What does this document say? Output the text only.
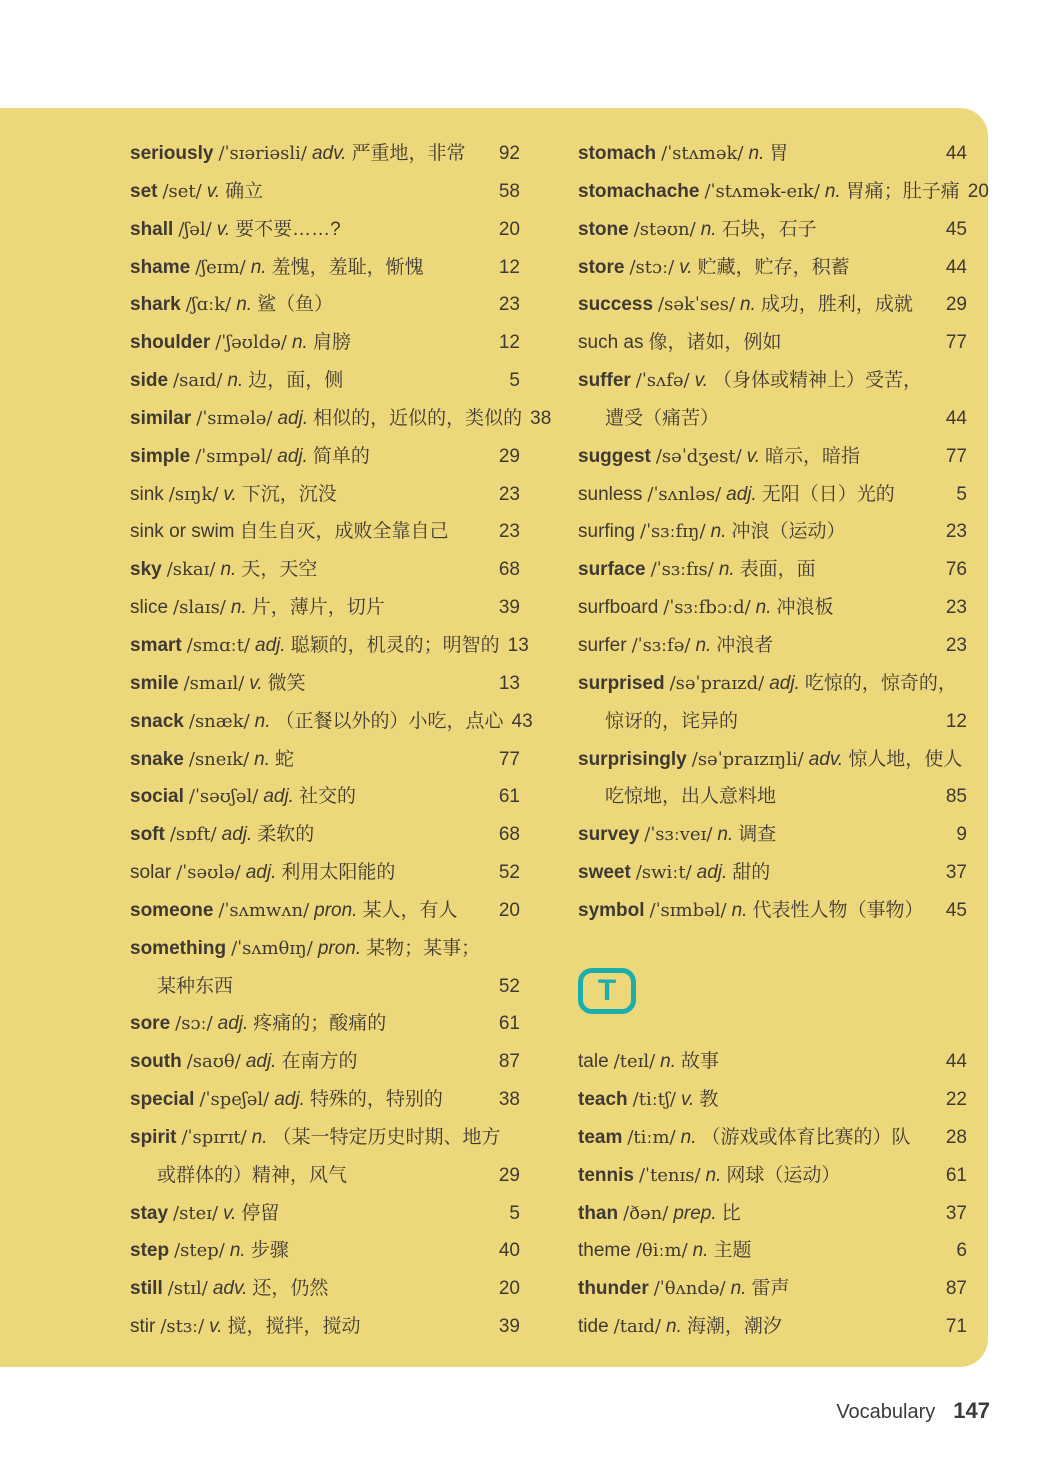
seriously /ˈsɪəriəsli/ adv. 严重地，非常 92
set /set/ v. 确立	58
shall /ʃəl/ v. 要不要……?	20
shame /ʃeɪm/ n. 羞愧，羞耻，惭愧	12
shark /ʃɑːk/ n. 鲨（鱼）	23
shoulder /ˈʃəʊldə/ n. 肩膀	12
side /saɪd/ n. 边，面，侧	5
similar /ˈsɪmələ/ adj. 相似的，近似的，类似的 38
simple /ˈsɪmpəl/ adj. 简单的	29
sink /sɪŋk/ v. 下沉，沉没	23
sink or swim 自生自灭，成败全靠自己	23
sky /skaɪ/ n. 天，天空	68
slice /slaɪs/ n. 片，薄片，切片	39
smart /smɑːt/ adj. 聪颖的，机灵的；明智的 13
smile /smaɪl/ v. 微笑	13
snack /snæk/ n. （正餐以外的）小吃，点心 43
snake /sneɪk/ n. 蛇	77
social /ˈsəʊʃəl/ adj. 社交的	61
soft /sɒft/ adj. 柔软的	68
solar /ˈsəʊlə/ adj. 利用太阳能的	52
someone /ˈsʌmwʌn/ pron. 某人，有人 20
something /ˈsʌmθɪŋ/ pron. 某物；某事；
某种东西	52
sore /sɔː/ adj. 疼痛的；酸痛的	61
south /saʊθ/ adj. 在南方的	87
special /ˈspeʃəl/ adj. 特殊的，特别的	38
spirit /ˈspɪrɪt/ n. （某一特定历史时期、地方
或群体的）精神，风气	29
stay /steɪ/ v. 停留	5
step /step/ n. 步骤	40
still /stɪl/ adv. 还，仍然	20
stir /stɜː/ v. 搅，搅拌，搅动	39
stomach /ˈstʌmək/ n. 胃	44
stomachache /ˈstʌmək-eɪk/ n. 胃痛；肚子痛 20
stone /stəʊn/ n. 石块，石子	45
store /stɔː/ v. 贮藏，贮存，积蓄	44
success /səkˈses/ n. 成功，胜利，成就 29
such as 像，诸如，例如	77
suffer /ˈsʌfə/ v. （身体或精神上）受苦，
遭受（痛苦）	44
suggest /səˈdʒest/ v. 暗示，暗指	77
sunless /ˈsʌnləs/ adj. 无阳（日）光的	5
surfing /ˈsɜːfɪŋ/ n. 冲浪（运动）	23
surface /ˈsɜːfɪs/ n. 表面，面	76
surfboard /ˈsɜːfbɔːd/ n. 冲浪板	23
surfer /ˈsɜːfə/ n. 冲浪者	23
surprised /səˈpraɪzd/ adj. 吃惊的，惊奇的，
惊讶的，诧异的	12
surprisingly /səˈpraɪzɪŋli/ adv. 惊人地，使人
吃惊地，出人意料地	85
survey /ˈsɜːveɪ/ n. 调查	9
sweet /swiːt/ adj. 甜的	37
symbol /ˈsɪmbəl/ n. 代表性人物（事物） 45
T
tale /teɪl/ n. 故事	44
teach /tiːtʃ/ v. 教	22
team /tiːm/ n. （游戏或体育比赛的）队 28
tennis /ˈtenɪs/ n. 网球（运动）	61
than /ðən/ prep. 比	37
theme /θiːm/ n. 主题	6
thunder /ˈθʌndə/ n. 雷声	87
tide /taɪd/ n. 海潮，潮汐	71
Vocabulary 147
